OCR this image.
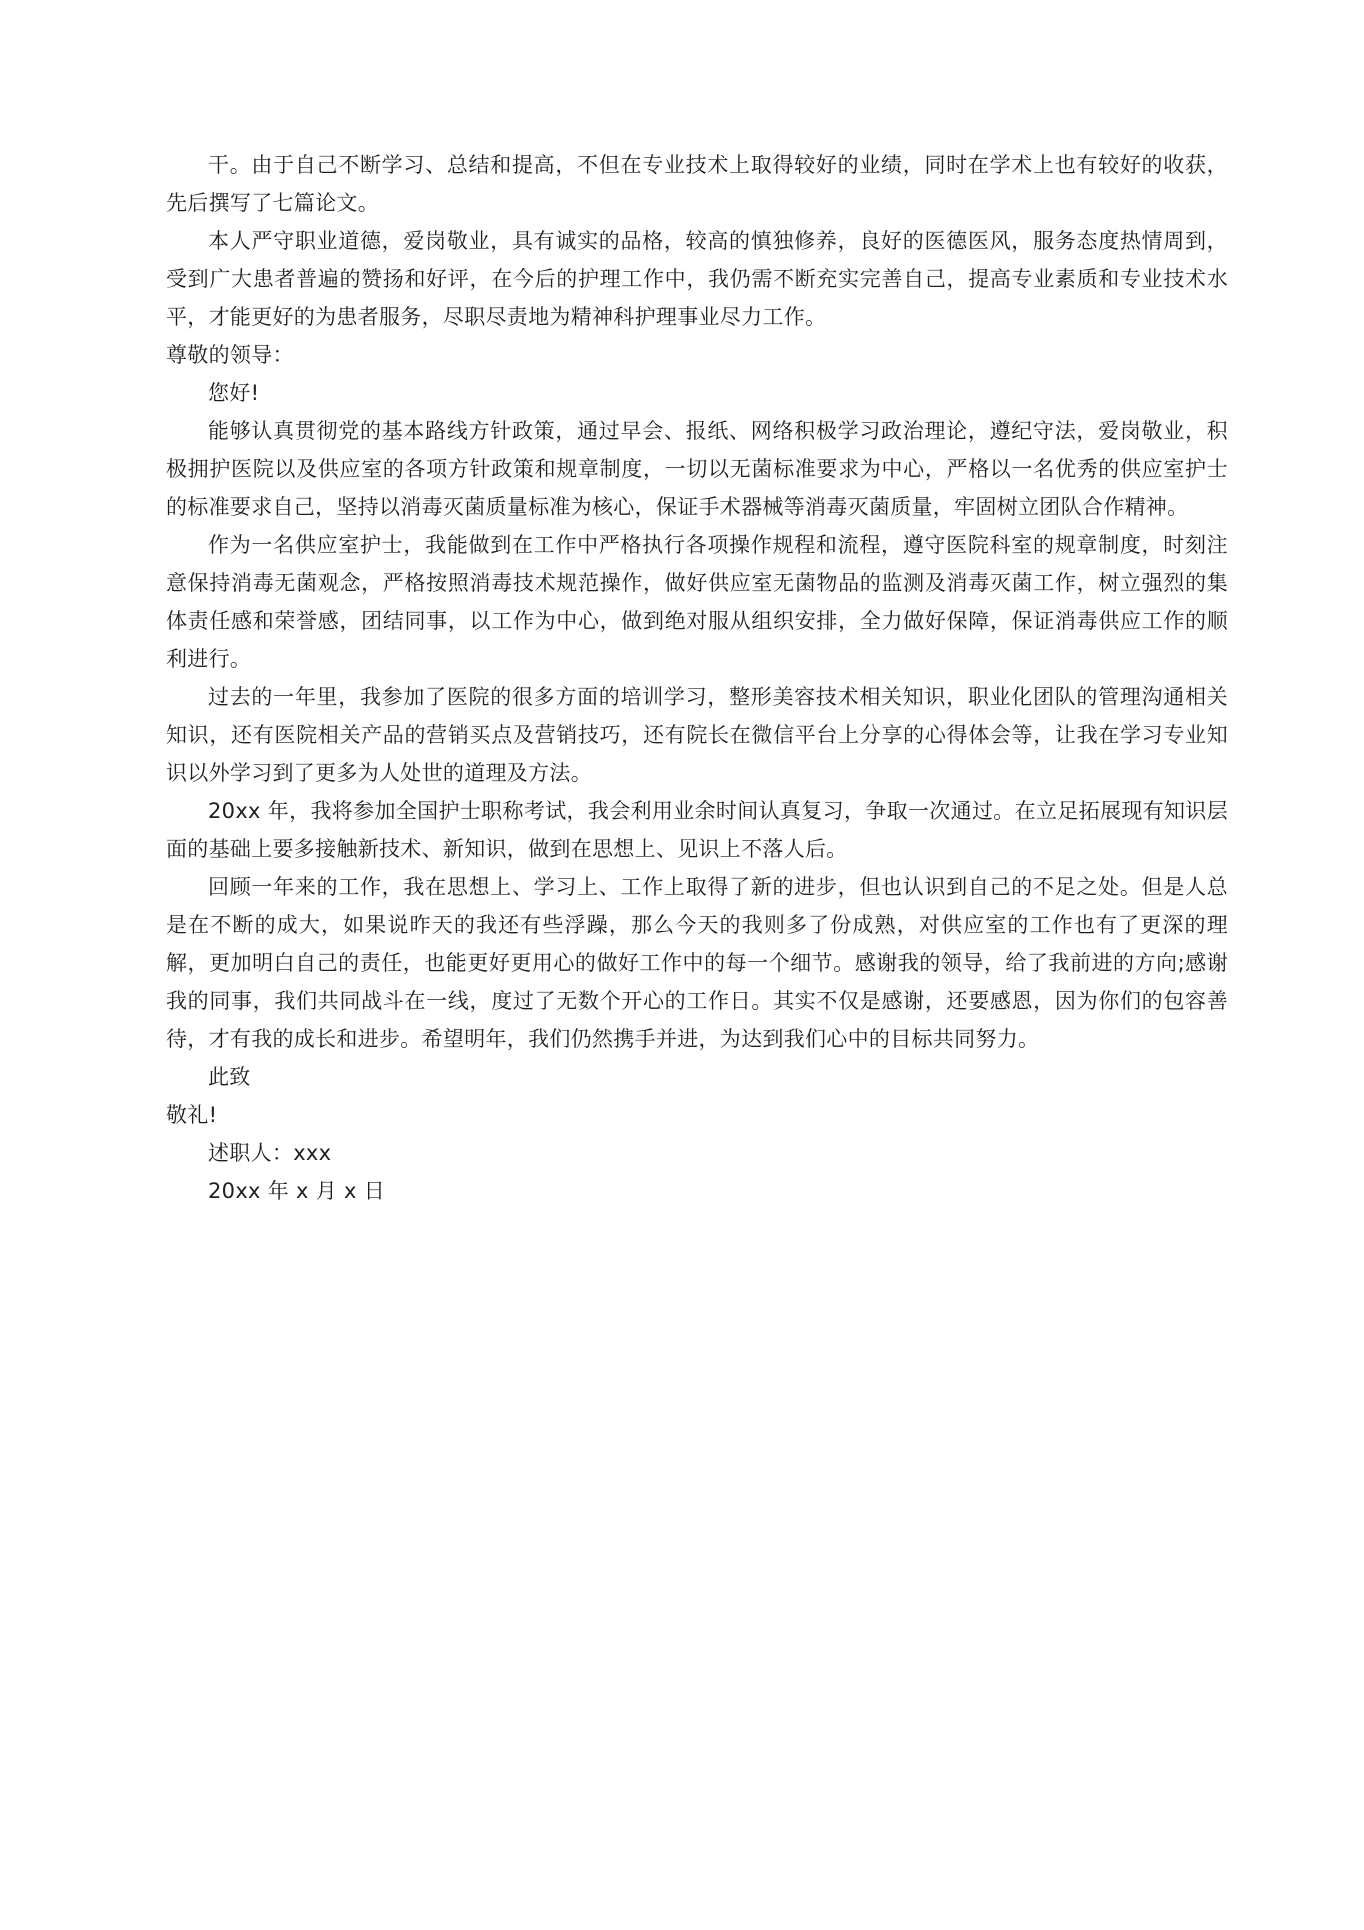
干。由于自己不断学习、总结和提高，不但在专业技术上取得较好的业绩，同时在学术上也有较好的收获，先后撰写了七篇论文。

本人严守职业道德，爱岗敬业，具有诚实的品格，较高的慎独修养，良好的医德医风，服务态度热情周到，受到广大患者普遍的赞扬和好评，在今后的护理工作中，我仍需不断充实完善自己，提高专业素质和专业技术水平，才能更好的为患者服务，尽职尽责地为精神科护理事业尽力工作。

尊敬的领导：

您好!

能够认真贯彻党的基本路线方针政策，通过早会、报纸、网络积极学习政治理论，遵纪守法，爱岗敬业，积极拥护医院以及供应室的各项方针政策和规章制度，一切以无菌标准要求为中心，严格以一名优秀的供应室护士的标准要求自己，坚持以消毒灭菌质量标准为核心，保证手术器械等消毒灭菌质量，牢固树立团队合作精神。

作为一名供应室护士，我能做到在工作中严格执行各项操作规程和流程，遵守医院科室的规章制度，时刻注意保持消毒无菌观念，严格按照消毒技术规范操作，做好供应室无菌物品的监测及消毒灭菌工作，树立强烈的集体责任感和荣誉感，团结同事，以工作为中心，做到绝对服从组织安排，全力做好保障，保证消毒供应工作的顺利进行。

过去的一年里，我参加了医院的很多方面的培训学习，整形美容技术相关知识，职业化团队的管理沟通相关知识，还有医院相关产品的营销买点及营销技巧，还有院长在微信平台上分享的心得体会等，让我在学习专业知识以外学习到了更多为人处世的道理及方法。

20xx 年，我将参加全国护士职称考试，我会利用业余时间认真复习，争取一次通过。在立足拓展现有知识层面的基础上要多接触新技术、新知识，做到在思想上、见识上不落人后。

回顾一年来的工作，我在思想上、学习上、工作上取得了新的进步，但也认识到自己的不足之处。但是人总是在不断的成大，如果说昨天的我还有些浮躁，那么今天的我则多了份成熟，对供应室的工作也有了更深的理解，更加明白自己的责任，也能更好更用心的做好工作中的每一个细节。感谢我的领导，给了我前进的方向;感谢我的同事，我们共同战斗在一线，度过了无数个开心的工作日。其实不仅是感谢，还要感恩，因为你们的包容善待，才有我的成长和进步。希望明年，我们仍然携手并进，为达到我们心中的目标共同努力。

此致

敬礼!

述职人：xxx

20xx 年 x 月 x 日
